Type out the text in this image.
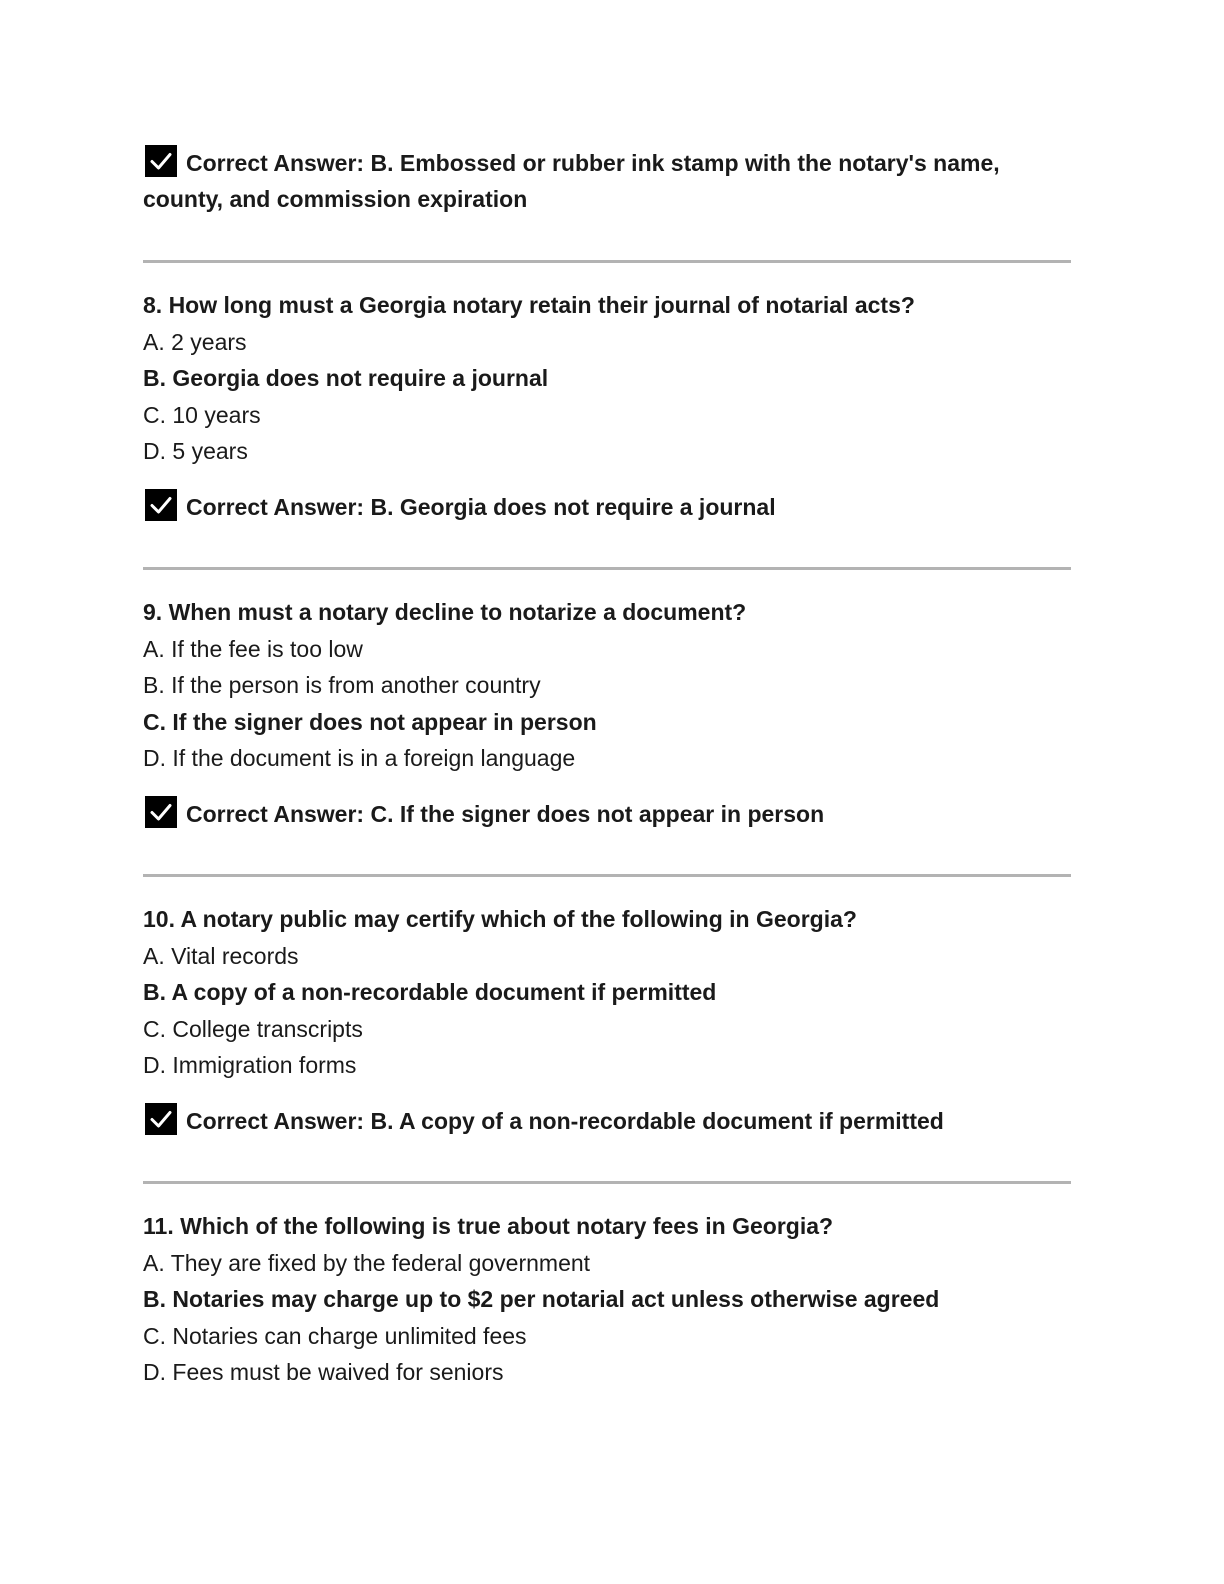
Correct Answer: B. Embossed or rubber ink stamp with the notary's name, county, and commission expiration

8. How long must a Georgia notary retain their journal of notarial acts?

A. 2 years

B. Georgia does not require a journal

C. 10 years

D. 5 years

Correct Answer: B. Georgia does not require a journal

9. When must a notary decline to notarize a document?

A. If the fee is too low

B. If the person is from another country

C. If the signer does not appear in person

D. If the document is in a foreign language

Correct Answer: C. If the signer does not appear in person

10. A notary public may certify which of the following in Georgia?

A. Vital records

B. A copy of a non-recordable document if permitted

C. College transcripts

D. Immigration forms

Correct Answer: B. A copy of a non-recordable document if permitted

11. Which of the following is true about notary fees in Georgia?

A. They are fixed by the federal government

B. Notaries may charge up to $2 per notarial act unless otherwise agreed

C. Notaries can charge unlimited fees

D. Fees must be waived for seniors
